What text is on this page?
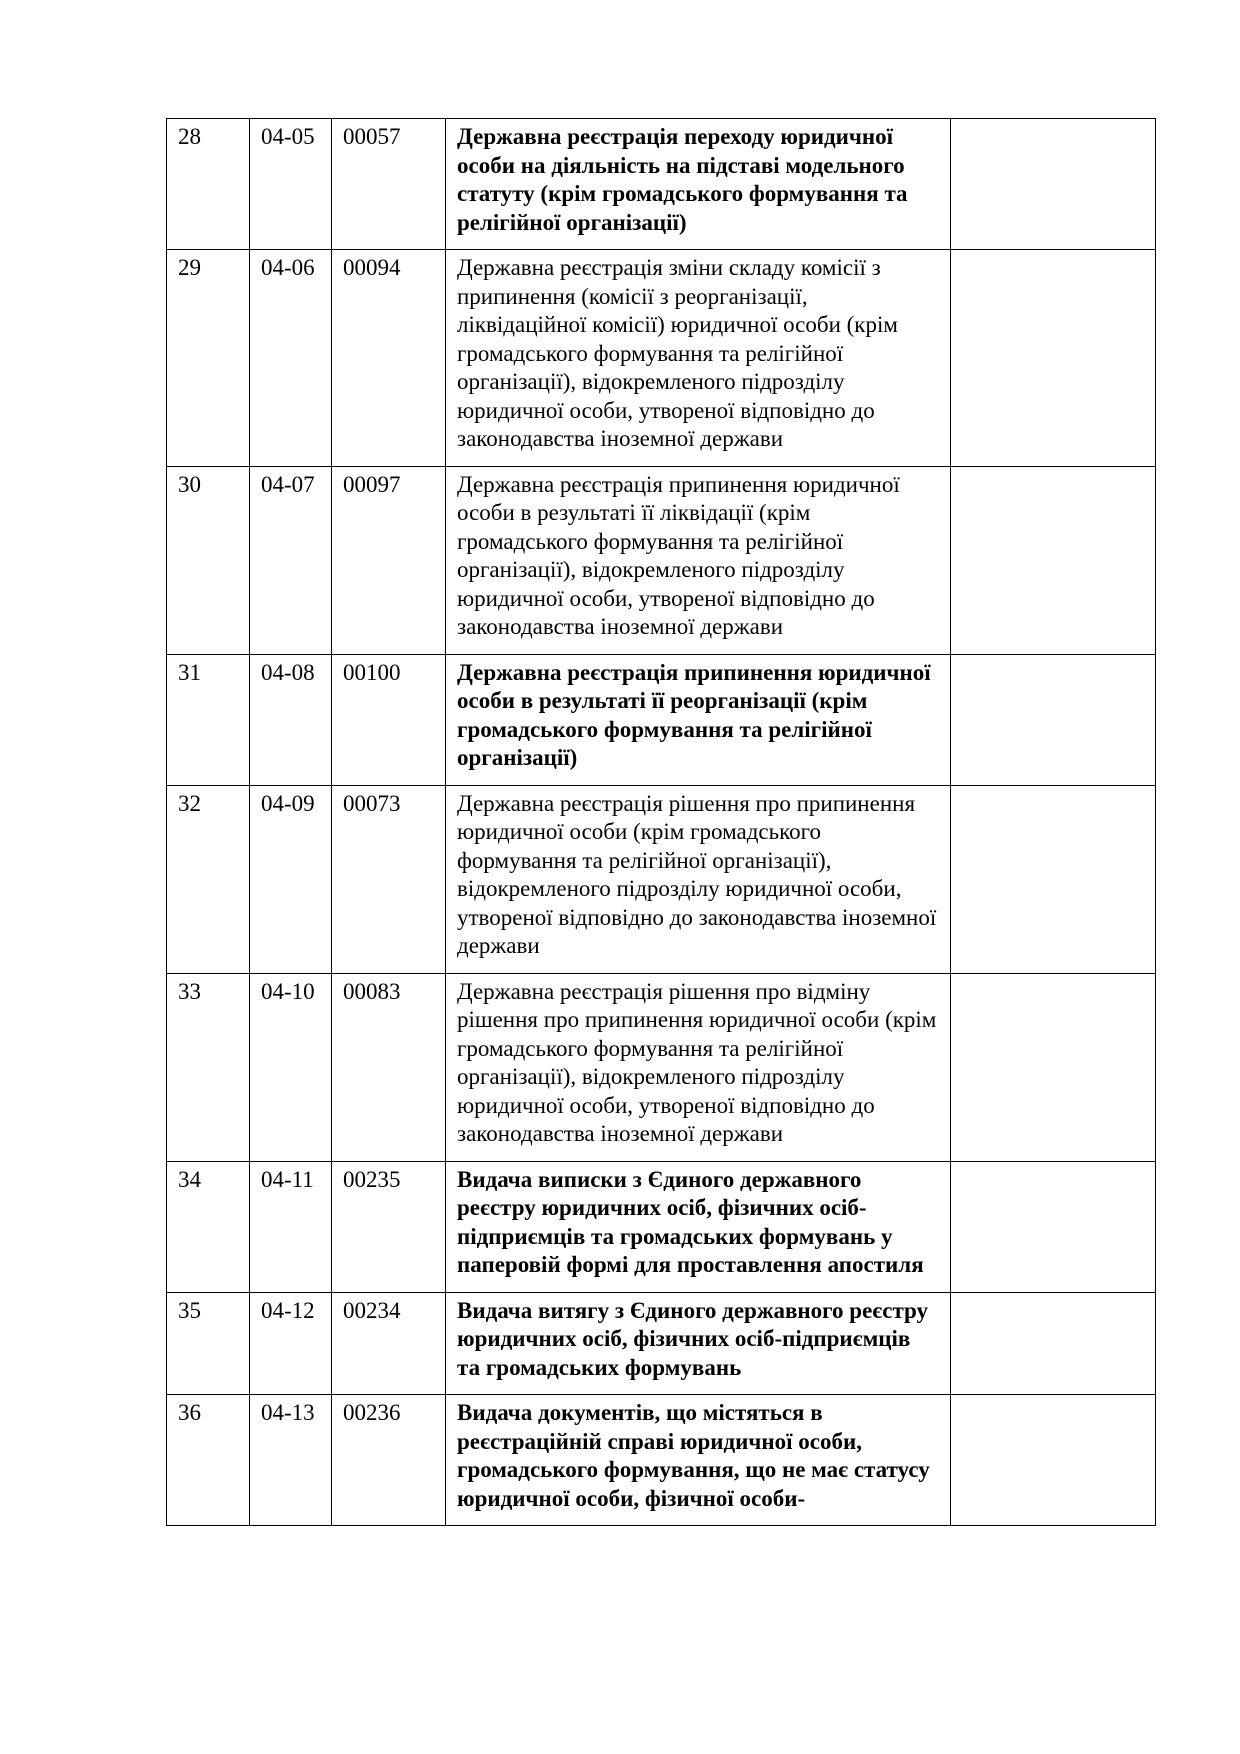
28	04-05	00057	Державна реєстрація переходу юридичної особи на діяльність на підставі модельного статуту (крім громадського формування та релігійної організації)	
29	04-06	00094	Державна реєстрація зміни складу комісії з припинення (комісії з реорганізації, ліквідаційної комісії) юридичної особи (крім громадського формування та релігійної організації), відокремленого підрозділу юридичної особи, утвореної відповідно до законодавства іноземної держави	
30	04-07	00097	Державна реєстрація припинення юридичної особи в результаті її ліквідації (крім громадського формування та релігійної організації), відокремленого підрозділу юридичної особи, утвореної відповідно до законодавства іноземної держави	
31	04-08	00100	Державна реєстрація припинення юридичної особи в результаті її реорганізації (крім громадського формування та релігійної організації)	
32	04-09	00073	Державна реєстрація рішення про припинення юридичної особи (крім громадського формування та релігійної організації), відокремленого підрозділу юридичної особи, утвореної відповідно до законодавства іноземної держави	
33	04-10	00083	Державна реєстрація рішення про відміну рішення про припинення юридичної особи (крім громадського формування та релігійної організації), відокремленого підрозділу юридичної особи, утвореної відповідно до законодавства іноземної держави	
34	04-11	00235	Видача виписки з Єдиного державного реєстру юридичних осіб, фізичних осіб-підприємців та громадських формувань у паперовій формі для проставлення апостиля	
35	04-12	00234	Видача витягу з Єдиного державного реєстру юридичних осіб, фізичних осіб-підприємців та громадських формувань	
36	04-13	00236	Видача документів, що містяться в реєстраційній справі юридичної особи, громадського формування, що не має статусу юридичної особи, фізичної особи-	
